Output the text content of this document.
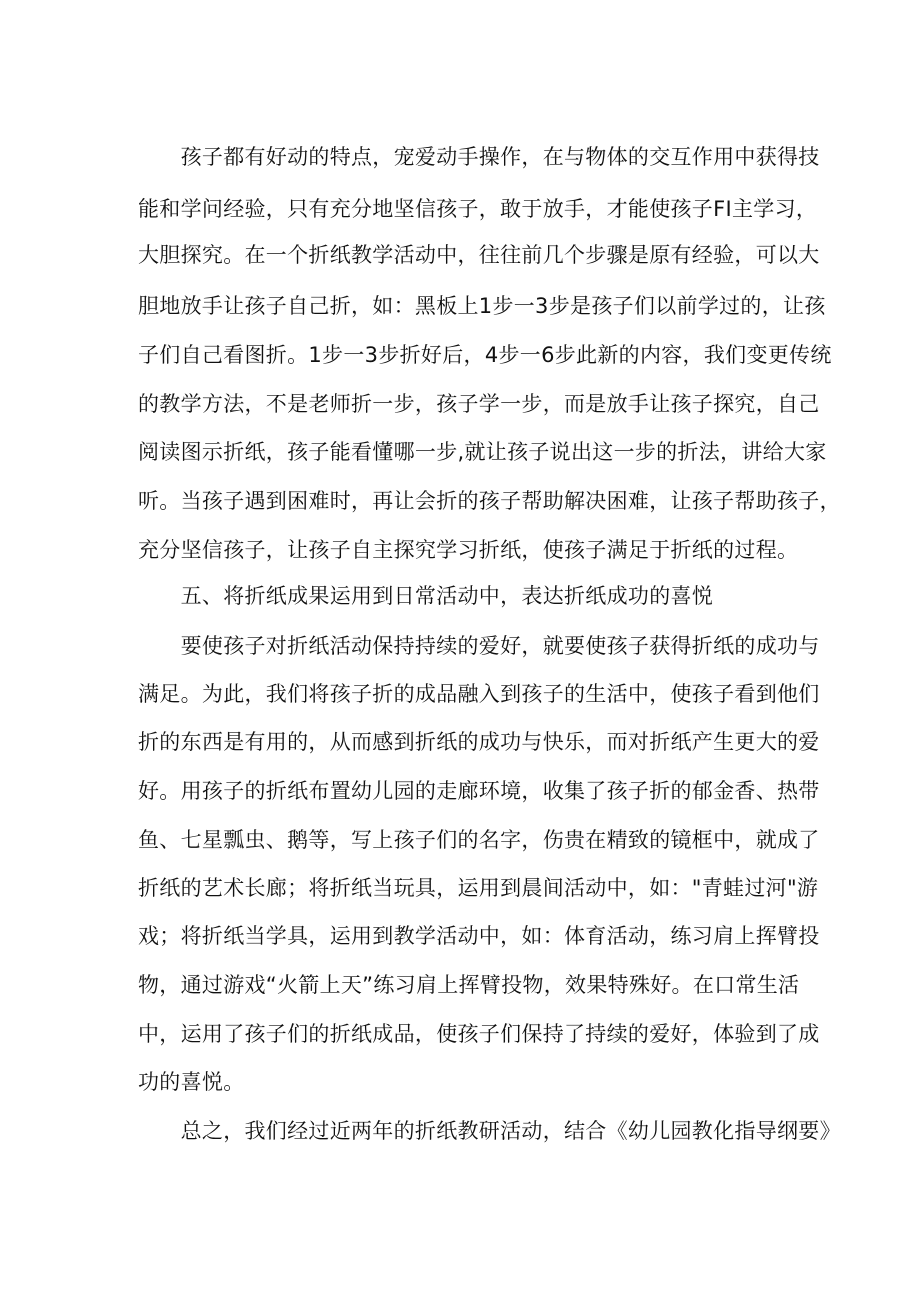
　　孩子都有好动的特点，宠爱动手操作，在与物体的交互作用中获得技
能和学问经验，只有充分地坚信孩子，敢于放手，才能使孩子FI主学习，
大胆探究。在一个折纸教学活动中，往往前几个步骤是原有经验，可以大
胆地放手让孩子自己折，如：黑板上1步一3步是孩子们以前学过的，让孩
子们自己看图折。1步一3步折好后，4步一6步此新的内容，我们变更传统
的教学方法，不是老师折一步，孩子学一步，而是放手让孩子探究，自己
阅读图示折纸，孩子能看懂哪一步,就让孩子说出这一步的折法，讲给大家
听。当孩子遇到困难时，再让会折的孩子帮助解决困难，让孩子帮助孩子，
充分坚信孩子，让孩子自主探究学习折纸，使孩子满足于折纸的过程。
　　五、将折纸成果运用到日常活动中，表达折纸成功的喜悦
　　要使孩子对折纸活动保持持续的爱好，就要使孩子获得折纸的成功与
满足。为此，我们将孩子折的成品融入到孩子的生活中，使孩子看到他们
折的东西是有用的，从而感到折纸的成功与快乐，而对折纸产生更大的爱
好。用孩子的折纸布置幼儿园的走廊环境，收集了孩子折的郁金香、热带
鱼、七星瓢虫、鹅等，写上孩子们的名字，伤贵在精致的镜框中，就成了
折纸的艺术长廊；将折纸当玩具，运用到晨间活动中，如："青蛙过河"游
戏；将折纸当学具，运用到教学活动中，如：体育活动，练习肩上挥臂投
物，通过游戏“火箭上天”练习肩上挥臂投物，效果特殊好。在口常生活
中，运用了孩子们的折纸成品，使孩子们保持了持续的爱好，体验到了成
功的喜悦。
　　总之，我们经过近两年的折纸教研活动，结合《幼儿园教化指导纲要》
